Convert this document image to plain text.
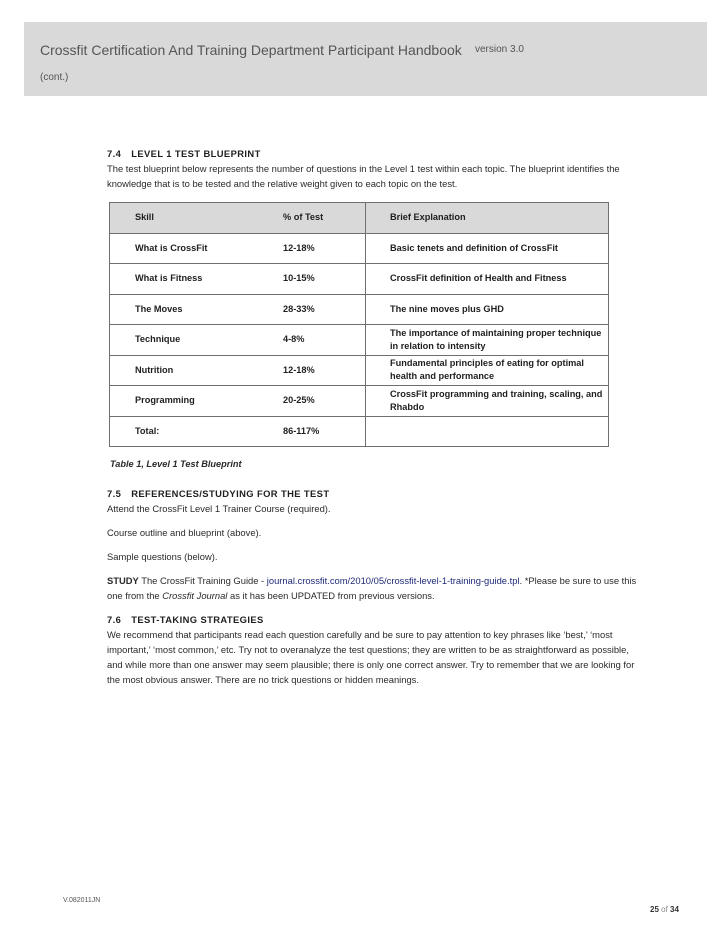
Crossfit Certification And Training Department Participant Handbook version 3.0
(cont.)
7.4 LEVEL 1 TEST BLUEPRINT

The test blueprint below represents the number of questions in the Level 1 test within each topic. The blueprint identifies the knowledge that is to be tested and the relative weight given to each topic on the test.

Skill	% of Test	Brief Explanation
What is CrossFit	12-18%	Basic tenets and definition of CrossFit
What is Fitness	10-15%	CrossFit definition of Health and Fitness
The Moves	28-33%	The nine moves plus GHD
Technique	4-8%	The importance of maintaining proper technique in relation to intensity
Nutrition	12-18%	Fundamental principles of eating for optimal health and performance
Programming	20-25%	CrossFit programming and training, scaling, and Rhabdo
Total:	86-117%	
Table 1, Level 1 Test Blueprint
7.5 REFERENCES/STUDYING FOR THE TEST

Attend the CrossFit Level 1 Trainer Course (required).

Course outline and blueprint (above).

Sample questions (below).

STUDY The CrossFit Training Guide - journal.crossfit.com/2010/05/crossfit-level-1-training-guide.tpl. *Please be sure to use this one from the Crossfit Journal as it has been UPDATED from previous versions.

7.6 TEST-TAKING STRATEGIES

We recommend that participants read each question carefully and be sure to pay attention to key phrases like ‘best,’ ‘most important,’ ‘most common,’ etc. Try not to overanalyze the test questions; they are written to be as straightforward as possible, and while more than one answer may seem plausible; there is only one correct answer. Try to remember that we are looking for the most obvious answer. There are no trick questions or hidden meanings.

V.082011JN
25 of 34
